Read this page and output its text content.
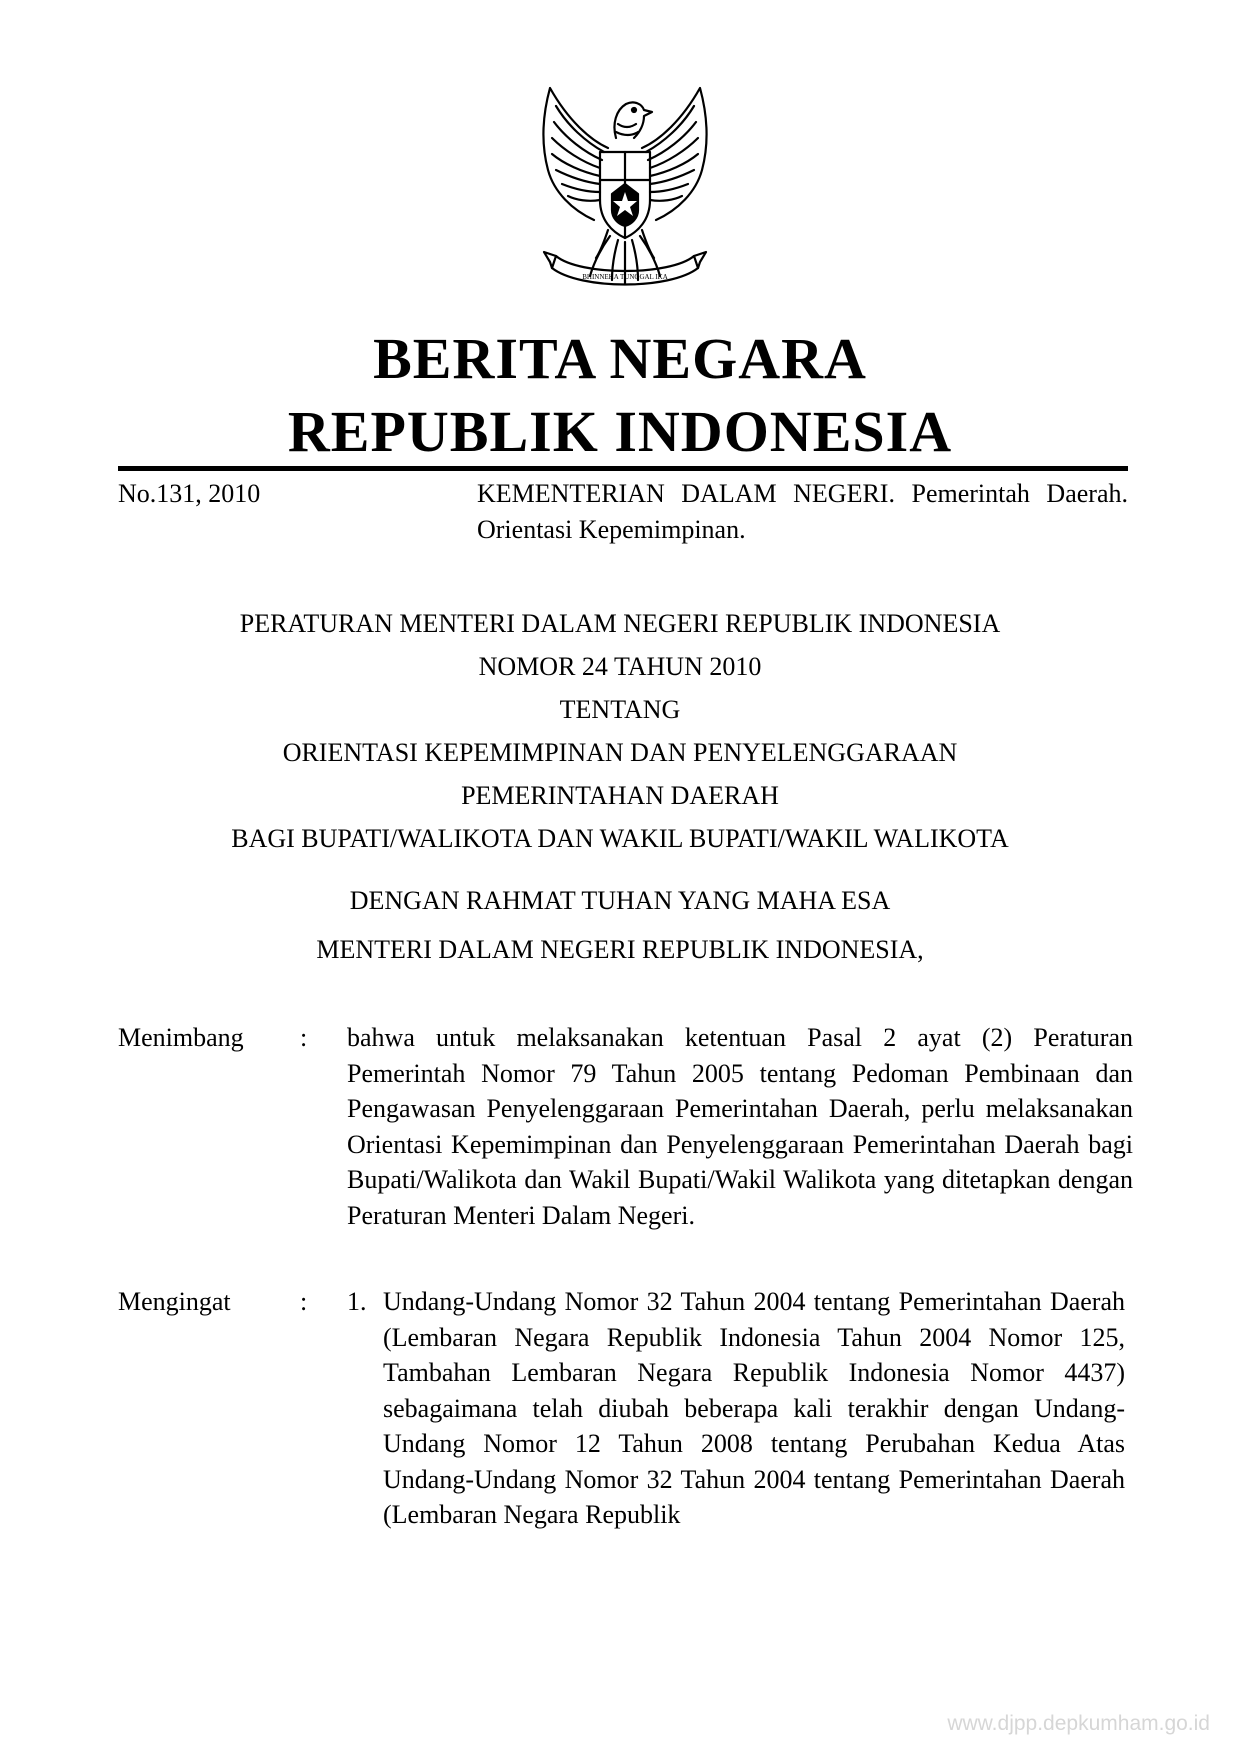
BHINNEKA TUNGGAL IKA
BERITA NEGARA
REPUBLIK INDONESIA
No.131, 2010	KEMENTERIAN DALAM NEGERI. Pemerintah Daerah. Orientasi Kepemimpinan.
PERATURAN MENTERI DALAM NEGERI REPUBLIK INDONESIA
NOMOR 24 TAHUN 2010
TENTANG
ORIENTASI KEPEMIMPINAN DAN PENYELENGGARAAN
PEMERINTAHAN DAERAH
BAGI BUPATI/WALIKOTA DAN WAKIL BUPATI/WAKIL WALIKOTA
DENGAN RAHMAT TUHAN YANG MAHA ESA
MENTERI DALAM NEGERI REPUBLIK INDONESIA,
Menimbang : bahwa untuk melaksanakan ketentuan Pasal 2 ayat (2) Peraturan Pemerintah Nomor 79 Tahun 2005 tentang Pedoman Pembinaan dan Pengawasan Penyelenggaraan Pemerintahan Daerah, perlu melaksanakan Orientasi Kepemimpinan dan Penyelenggaraan Pemerintahan Daerah bagi Bupati/Walikota dan Wakil Bupati/Wakil Walikota yang ditetapkan dengan Peraturan Menteri Dalam Negeri.
Mengingat	: 1. Undang-Undang Nomor 32 Tahun 2004 tentang Pemerintahan Daerah (Lembaran Negara Republik Indonesia Tahun 2004 Nomor 125, Tambahan Lembaran Negara Republik Indonesia Nomor 4437) sebagaimana telah diubah beberapa kali terakhir dengan Undang-Undang Nomor 12 Tahun 2008 tentang Perubahan Kedua Atas Undang-Undang Nomor 32 Tahun 2004 tentang Pemerintahan Daerah (Lembaran Negara Republik
www.djpp.depkumham.go.id
